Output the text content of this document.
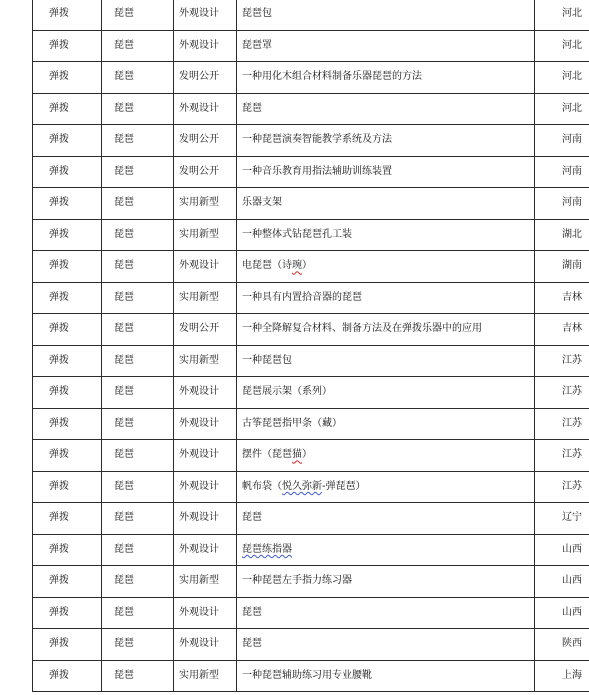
弹拨	琵琶	外观设计	琵琶包	河北
弹拨	琵琶	外观设计	琵琶罩	河北
弹拨	琵琶	发明公开	一种用化木组合材料制备乐器琵琶的方法	河北
弹拨	琵琶	外观设计	琵琶	河北
弹拨	琵琶	发明公开	一种琵琶演奏智能教学系统及方法	河南
弹拨	琵琶	发明公开	一种音乐教育用指法辅助训练装置	河南
弹拨	琵琶	实用新型	乐器支架	河南
弹拨	琵琶	实用新型	一种整体式钻琵琶孔工装	湖北
弹拨	琵琶	外观设计	电琵琶（诗琬）	湖南
弹拨	琵琶	实用新型	一种具有内置拾音器的琵琶	吉林
弹拨	琵琶	发明公开	一种全降解复合材料、制备方法及在弹拨乐器中的应用	吉林
弹拨	琵琶	实用新型	一种琵琶包	江苏
弹拨	琵琶	外观设计	琵琶展示架（系列）	江苏
弹拨	琵琶	外观设计	古筝琵琶指甲条（藏）	江苏
弹拨	琵琶	外观设计	摆件（琵琶猫）	江苏
弹拨	琵琶	外观设计	帆布袋（悦久弥新-弹琵琶）	江苏
弹拨	琵琶	外观设计	琵琶	辽宁
弹拨	琵琶	外观设计	琵琶练指器	山西
弹拨	琵琶	实用新型	一种琵琶左手指力练习器	山西
弹拨	琵琶	外观设计	琵琶	山西
弹拨	琵琶	外观设计	琵琶	陕西
弹拨	琵琶	实用新型	一种琵琶辅助练习用专业腰靴	上海
